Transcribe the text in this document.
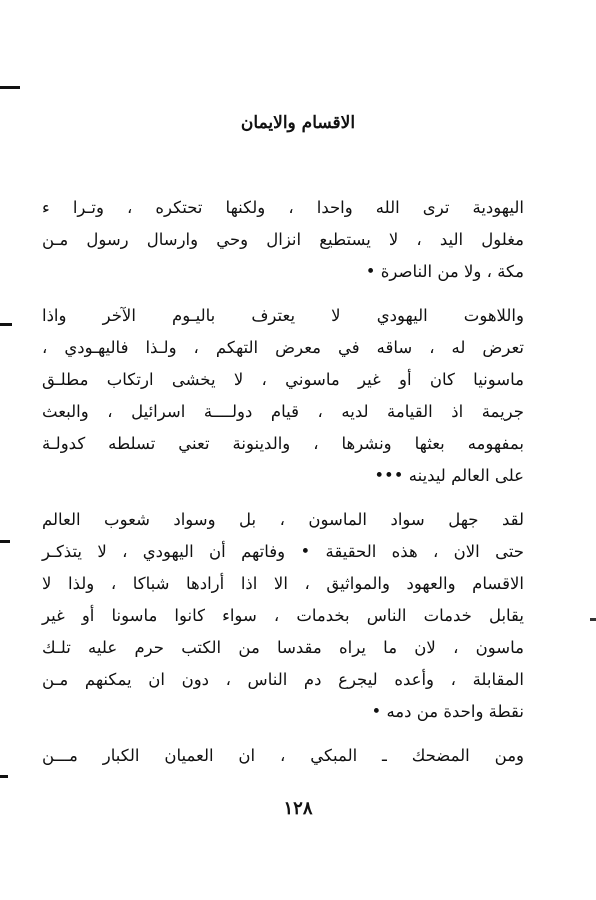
الاقسام والايمان
اليهودية ترى الله واحدا ، ولكنها تحتكره ، وتـرا ء
مغلول اليد ، لا يستطيع انزال وحي وارسال رسول مـن
مكة ، ولا من الناصرة •
واللاهوت اليهودي لا يعترف باليـوم الآخر واذا
تعرض له ، ساقه في معرض التهكم ، ولـذا فاليهـودي ،
ماسونيا كان أو غير ماسوني ، لا يخشى ارتكاب مطلـق
جريمة اذ القيامة لديه ، قيام دولــــة اسرائيل ، والبعث
بمفهومه بعثها ونشرها ، والدينونة تعني تسلطه كدولـة
على العالم ليدينه •••
لقد جهل سواد الماسون ، بل وسواد شعوب العالم
حتى الان ، هذه الحقيقة • وفاتهم أن اليهودي ، لا يتذكـر
الاقسام والعهود والمواثيق ، الا اذا أرادها شباكا ، ولذا لا
يقابل خدمات الناس بخدمات ، سواء كانوا ماسونا أو غير
ماسون ، لان ما يراه مقدسا من الكتب حرم عليه تلـك
المقابلة ، وأعده ليجرع دم الناس ، دون ان يمكنهم مـن
نقطة واحدة من دمه •
ومن المضحك ـ المبكي ، ان العميان الكبار مـــن
١٢٨
